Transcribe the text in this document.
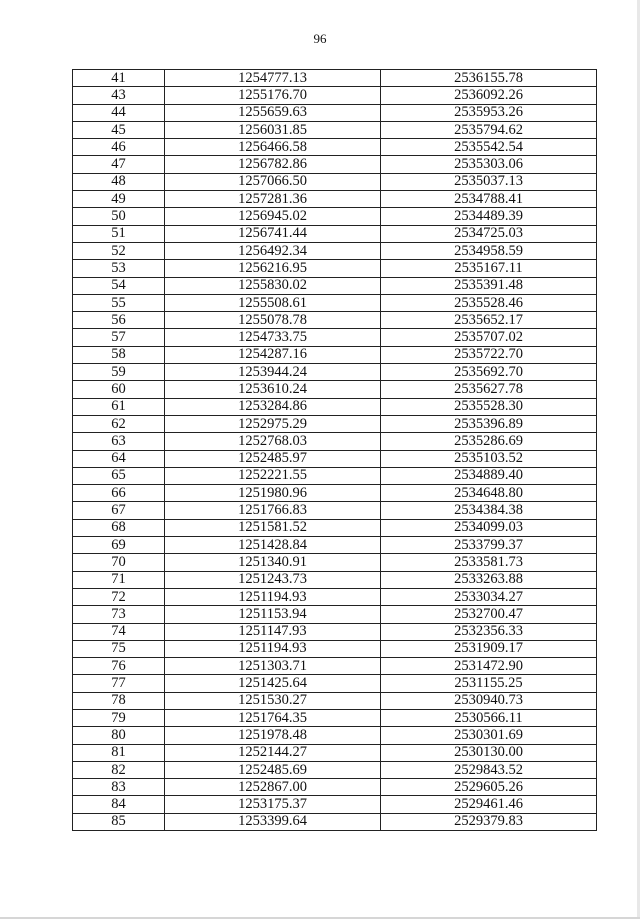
96
41	1254777.13	2536155.78
43	1255176.70	2536092.26
44	1255659.63	2535953.26
45	1256031.85	2535794.62
46	1256466.58	2535542.54
47	1256782.86	2535303.06
48	1257066.50	2535037.13
49	1257281.36	2534788.41
50	1256945.02	2534489.39
51	1256741.44	2534725.03
52	1256492.34	2534958.59
53	1256216.95	2535167.11
54	1255830.02	2535391.48
55	1255508.61	2535528.46
56	1255078.78	2535652.17
57	1254733.75	2535707.02
58	1254287.16	2535722.70
59	1253944.24	2535692.70
60	1253610.24	2535627.78
61	1253284.86	2535528.30
62	1252975.29	2535396.89
63	1252768.03	2535286.69
64	1252485.97	2535103.52
65	1252221.55	2534889.40
66	1251980.96	2534648.80
67	1251766.83	2534384.38
68	1251581.52	2534099.03
69	1251428.84	2533799.37
70	1251340.91	2533581.73
71	1251243.73	2533263.88
72	1251194.93	2533034.27
73	1251153.94	2532700.47
74	1251147.93	2532356.33
75	1251194.93	2531909.17
76	1251303.71	2531472.90
77	1251425.64	2531155.25
78	1251530.27	2530940.73
79	1251764.35	2530566.11
80	1251978.48	2530301.69
81	1252144.27	2530130.00
82	1252485.69	2529843.52
83	1252867.00	2529605.26
84	1253175.37	2529461.46
85	1253399.64	2529379.83
